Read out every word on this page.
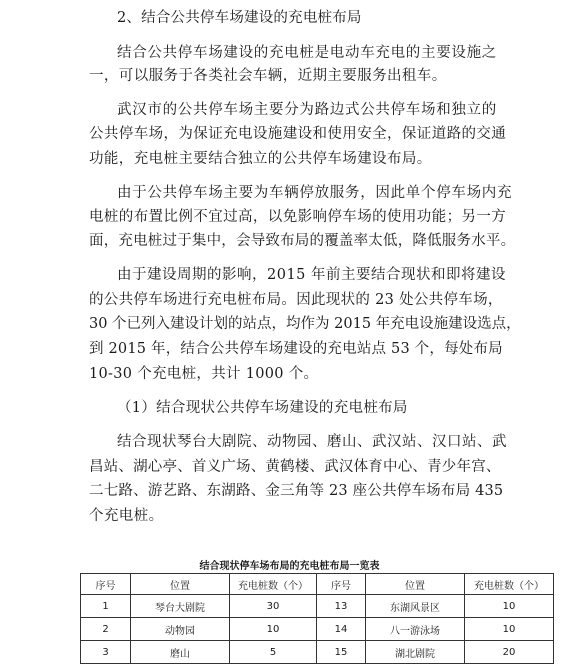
2、结合公共停车场建设的充电桩布局
结合公共停车场建设的充电桩是电动车充电的主要设施之
一，可以服务于各类社会车辆，近期主要服务出租车。
武汉市的公共停车场主要分为路边式公共停车场和独立的
公共停车场，为保证充电设施建设和使用安全，保证道路的交通
功能，充电桩主要结合独立的公共停车场建设布局。
由于公共停车场主要为车辆停放服务，因此单个停车场内充
电桩的布置比例不宜过高，以免影响停车场的使用功能；另一方
面，充电桩过于集中，会导致布局的覆盖率太低，降低服务水平。
由于建设周期的影响，2015 年前主要结合现状和即将建设
的公共停车场进行充电桩布局。因此现状的 23 处公共停车场，
30 个已列入建设计划的站点，均作为 2015 年充电设施建设选点，
到 2015 年，结合公共停车场建设的充电站点 53 个，每处布局
10-30 个充电桩，共计 1000 个。
（1）结合现状公共停车场建设的充电桩布局
结合现状琴台大剧院、动物园、磨山、武汉站、汉口站、武
昌站、湖心亭、首义广场、黄鹤楼、武汉体育中心、青少年宫、
二七路、游艺路、东湖路、金三角等 23 座公共停车场布局 435
个充电桩。
结合现状停车场布局的充电桩布局一览表
序号	位置	充电桩数（个）	序号	位置	充电桩数（个）
1	琴台大剧院	30	13	东湖风景区	10
2	动物园	10	14	八一游泳场	10
3	磨山	5	15	湖北剧院	20
